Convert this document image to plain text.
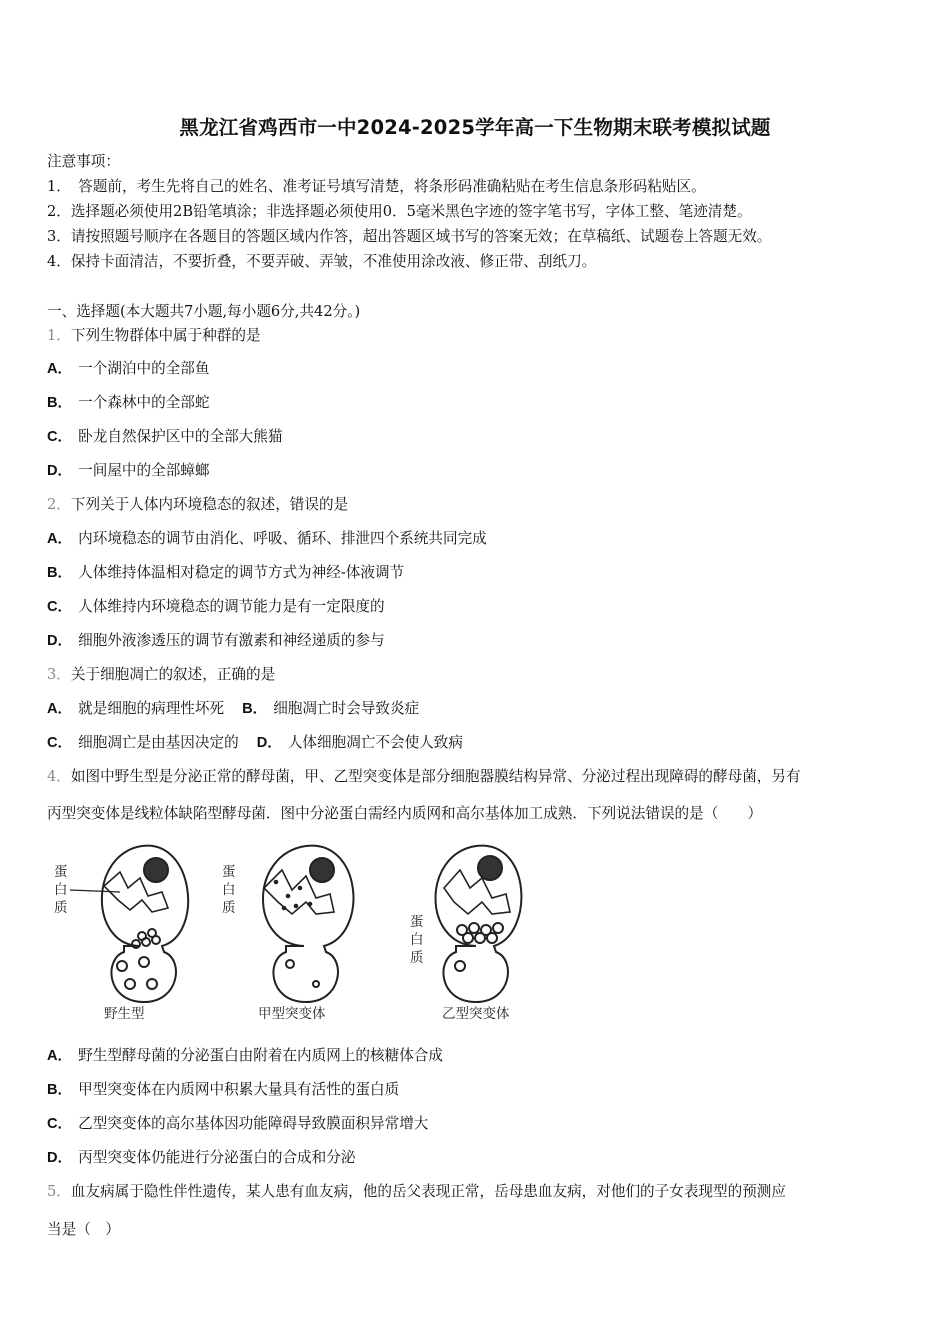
黑龙江省鸡西市一中2024-2025学年高一下生物期末联考模拟试题
注意事项：
1．　答题前，考生先将自己的姓名、准考证号填写清楚，将条形码准确粘贴在考生信息条形码粘贴区。
2．选择题必须使用2B铅笔填涂；非选择题必须使用0．5毫米黑色字迹的签字笔书写，字体工整、笔迹清楚。
3．请按照题号顺序在各题目的答题区域内作答，超出答题区域书写的答案无效；在草稿纸、试题卷上答题无效。
4．保持卡面清洁，不要折叠，不要弄破、弄皱，不准使用涂改液、修正带、刮纸刀。
一、选择题(本大题共7小题,每小题6分,共42分。)
1．下列生物群体中属于种群的是
A． 一个湖泊中的全部鱼
B． 一个森林中的全部蛇
C． 卧龙自然保护区中的全部大熊猫
D． 一间屋中的全部蟑螂
2．下列关于人体内环境稳态的叙述，错误的是
A． 内环境稳态的调节由消化、呼吸、循环、排泄四个系统共同完成
B． 人体维持体温相对稳定的调节方式为神经-体液调节
C． 人体维持内环境稳态的调节能力是有一定限度的
D． 细胞外液渗透压的调节有激素和神经递质的参与
3．关于细胞凋亡的叙述，正确的是
A． 就是细胞的病理性坏死 B． 细胞凋亡时会导致炎症
C． 细胞凋亡是由基因决定的 D． 人体细胞凋亡不会使人致病
4．如图中野生型是分泌正常的酵母菌，甲、乙型突变体是部分细胞器膜结构异常、分泌过程出现障碍的酵母菌，另有
丙型突变体是线粒体缺陷型酵母菌．图中分泌蛋白需经内质网和高尔基体加工成熟．下列说法错误的是（　　）
蛋
白
质
蛋
白
质
蛋
白
质
野生型	甲型突变体	乙型突变体
A． 野生型酵母菌的分泌蛋白由附着在内质网上的核糖体合成
B． 甲型突变体在内质网中积累大量具有活性的蛋白质
C． 乙型突变体的高尔基体因功能障碍导致膜面积异常增大
D． 丙型突变体仍能进行分泌蛋白的合成和分泌
5．血友病属于隐性伴性遗传，某人患有血友病，他的岳父表现正常，岳母患血友病，对他们的子女表现型的预测应
当是（　）
